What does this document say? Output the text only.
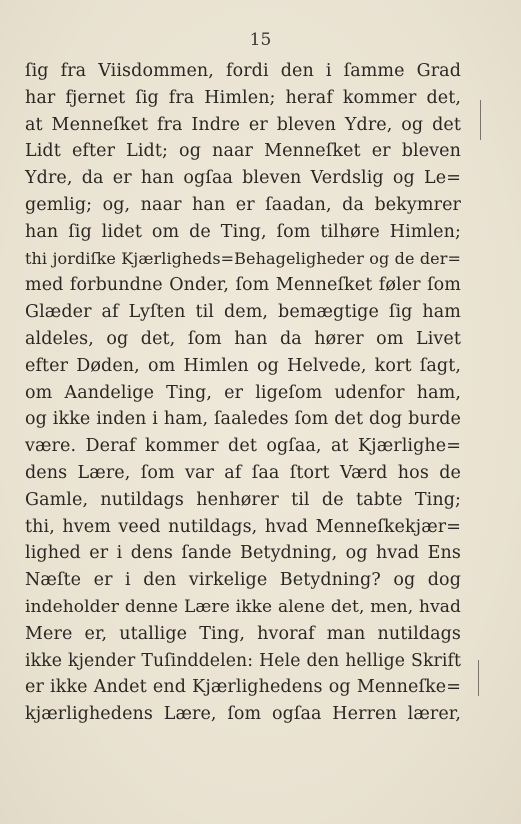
15
ſig fra Viisdommen, fordi den i ſamme Grad
har fjernet ſig fra Himlen; heraf kommer det,
at Menneſket fra Indre er bleven Ydre, og det
Lidt efter Lidt; og naar Menneſket er bleven
Ydre, da er han ogſaa bleven Verdslig og Le=
gemlig; og, naar han er ſaadan, da bekymrer
han ſig lidet om de Ting, ſom tilhøre Himlen;
thi jordiſke Kjærligheds=Behageligheder og de der=
med forbundne Onder, ſom Menneſket føler ſom
Glæder af Lyſten til dem, bemægtige ſig ham
aldeles, og det, ſom han da hører om Livet
efter Døden, om Himlen og Helvede, kort ſagt,
om Aandelige Ting, er ligeſom udenfor ham,
og ikke inden i ham, ſaaledes ſom det dog burde
være. Deraf kommer det ogſaa, at Kjærlighe=
dens Lære, ſom var af ſaa ſtort Værd hos de
Gamle, nutildags henhører til de tabte Ting;
thi, hvem veed nutildags, hvad Menneſkekjær=
lighed er i dens ſande Betydning, og hvad Ens
Næſte er i den virkelige Betydning? og dog
indeholder denne Lære ikke alene det, men, hvad
Mere er, utallige Ting, hvoraf man nutildags
ikke kjender Tuſinddelen: Hele den hellige Skrift
er ikke Andet end Kjærlighedens og Menneſke=
kjærlighedens Lære, ſom ogſaa Herren lærer,
